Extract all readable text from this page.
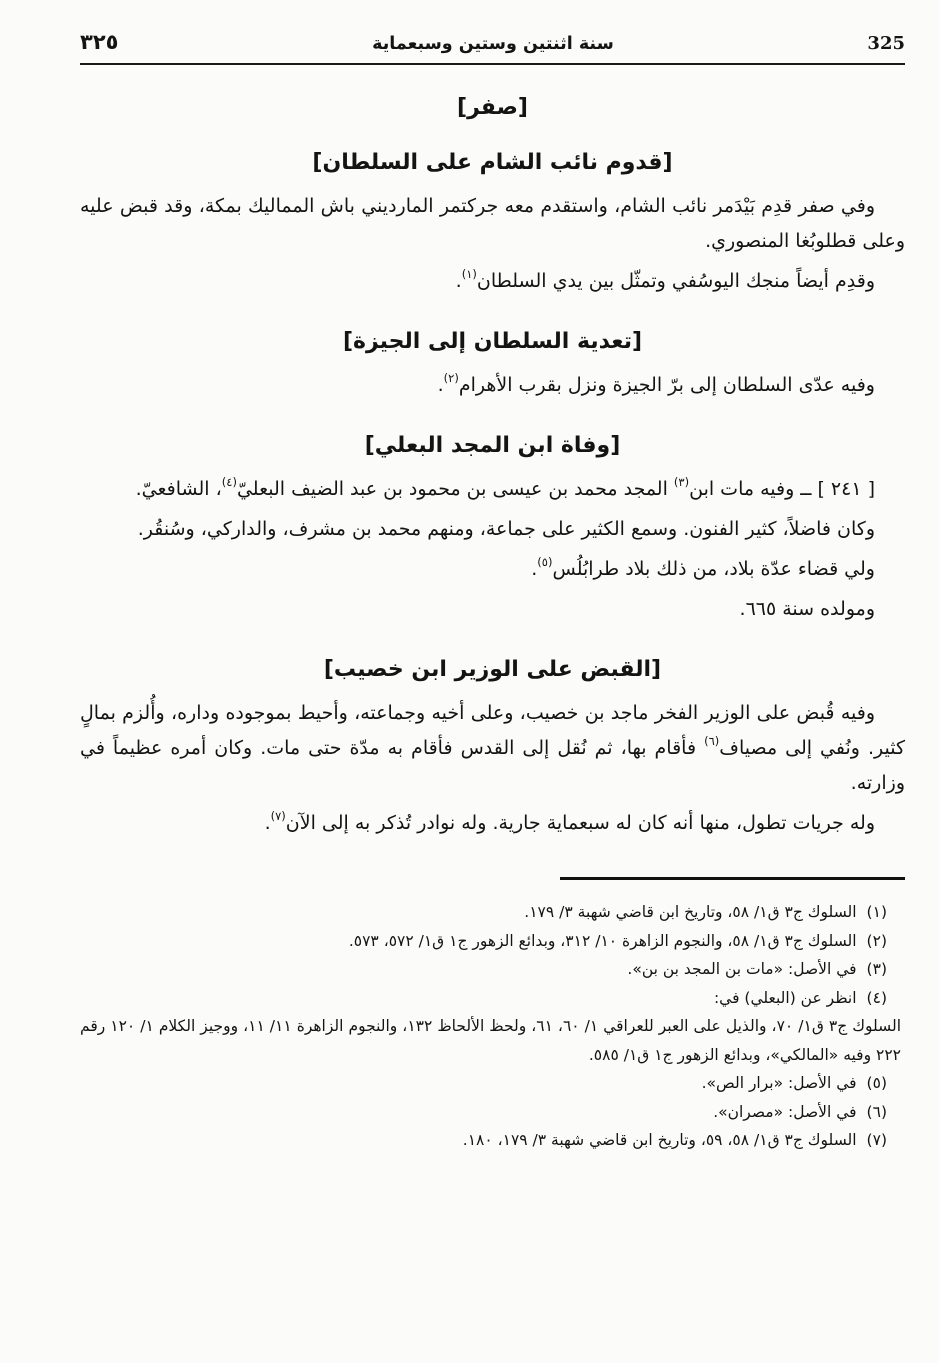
325
سنة اثنتين وستين وسبعماية
٣٢٥
[صفر]
[قدوم نائب الشام على السلطان]

وفي صفر قدِم بَيْدَمر نائب الشام، واستقدم معه جركتمر المارديني باش المماليك بمكة، وقد قبض عليه وعلى قطلوبُغا المنصوري.

وقدِم أيضاً منجك اليوسُفي وتمثّل بين يدي السلطان$^{(١)}$.

[تعدية السلطان إلى الجيزة]

وفيه عدّى السلطان إلى برّ الجيزة ونزل بقرب الأهرام$^{(٢)}$.

[وفاة ابن المجد البعلي]

[ ٢٤١ ] ــ وفيه مات ابن$^{(٣)}$ المجد محمد بن عيسى بن محمود بن عبد الضيف البعليّ$^{(٤)}$، الشافعيّ.

وكان فاضلاً، كثير الفنون. وسمع الكثير على جماعة، ومنهم محمد بن مشرف، والداركي، وسُنقُر.

ولي قضاء عدّة بلاد، من ذلك بلاد طرابُلُس$^{(٥)}$.

ومولده سنة ٦٦٥.

[القبض على الوزير ابن خصيب]

وفيه قُبض على الوزير الفخر ماجد بن خصيب، وعلى أخيه وجماعته، وأحيط بموجوده وداره، وأُلزم بمالٍ كثير. ونُفي إلى مصياف$^{(٦)}$ فأقام بها، ثم نُقل إلى القدس فأقام به مدّة حتى مات. وكان أمره عظيماً في وزارته.

وله جريات تطول، منها أنه كان له سبعماية جارية. وله نوادر تُذكر به إلى الآن$^{(٧)}$.

(١)
السلوك ج٣ ق١/ ٥٨، وتاريخ ابن قاضي شهبة ٣/ ١٧٩.
(٢)
السلوك ج٣ ق١/ ٥٨، والنجوم الزاهرة ١٠/ ٣١٢، وبدائع الزهور ج١ ق١/ ٥٧٢، ٥٧٣.
(٣)
في الأصل: «مات بن المجد بن بن».
(٤)
انظر عن (البعلي) في:
السلوك ج٣ ق١/ ٧٠، والذيل على العبر للعراقي ١/ ٦٠، ٦١، ولحظ الألحاظ ١٣٢، والنجوم الزاهرة ١١/ ١١، ووجيز الكلام ١/ ١٢٠ رقم ٢٢٢ وفيه «المالكي»، وبدائع الزهور ج١ ق١/ ٥٨٥.
(٥)
في الأصل: «برار الص».
(٦)
في الأصل: «مصران».
(٧)
السلوك ج٣ ق١/ ٥٨، ٥٩، وتاريخ ابن قاضي شهبة ٣/ ١٧٩، ١٨٠.
